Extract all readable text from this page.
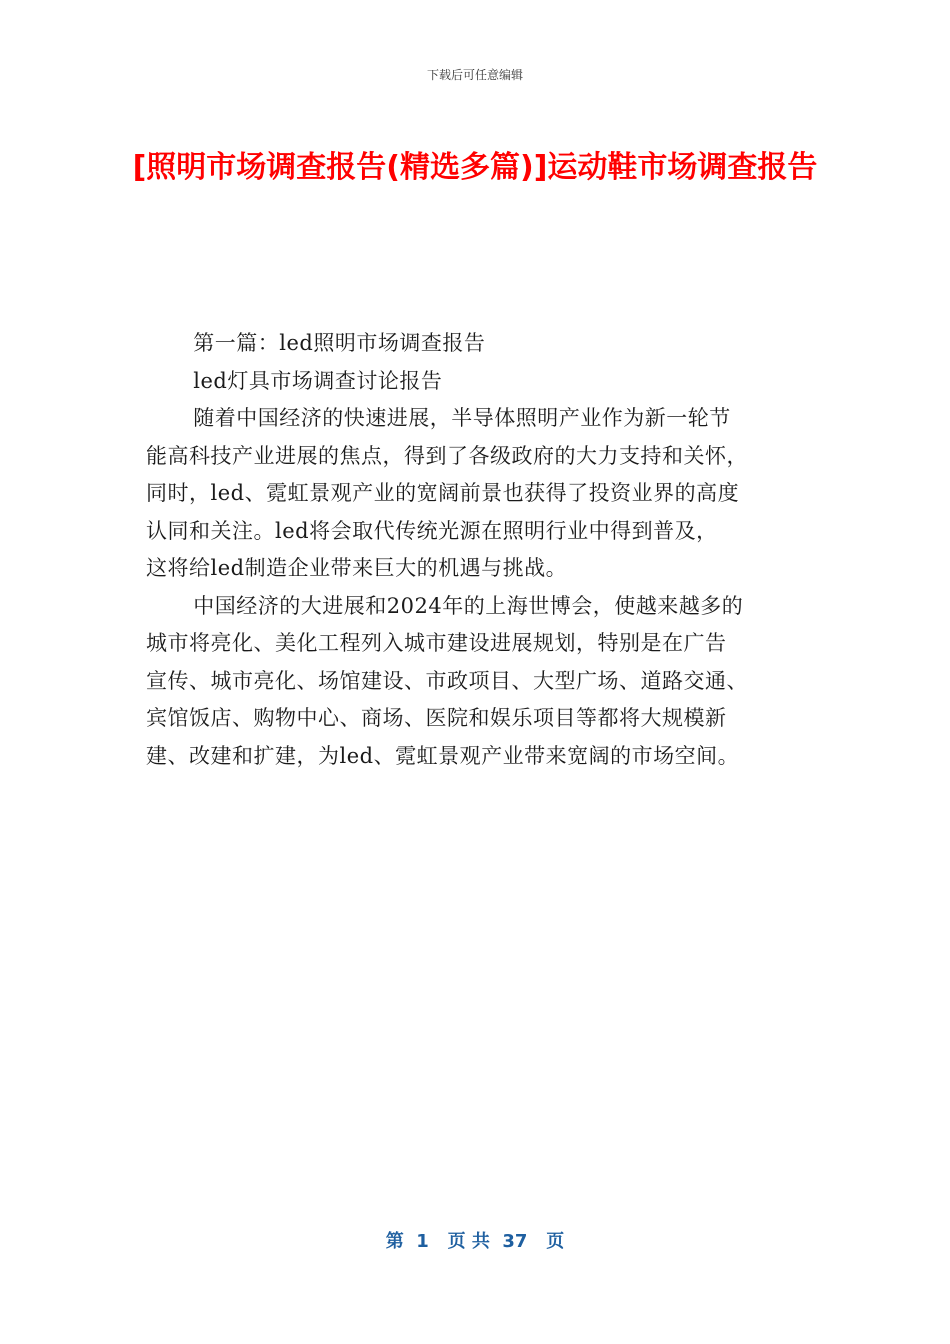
下载后可任意编辑
[照明市场调查报告(精选多篇)]运动鞋市场调查报告

第一篇：led照明市场调查报告

led灯具市场调查讨论报告

随着中国经济的快速进展，半导体照明产业作为新一轮节

能高科技产业进展的焦点，得到了各级政府的大力支持和关怀，

同时，led、霓虹景观产业的宽阔前景也获得了投资业界的高度

认同和关注。led将会取代传统光源在照明行业中得到普及，

这将给led制造企业带来巨大的机遇与挑战。

中国经济的大进展和2024年的上海世博会，使越来越多的

城市将亮化、美化工程列入城市建设进展规划，特别是在广告

宣传、城市亮化、场馆建设、市政项目、大型广场、道路交通、

宾馆饭店、购物中心、商场、医院和娱乐项目等都将大规模新

建、改建和扩建，为led、霓虹景观产业带来宽阔的市场空间。

第  1   页 共  37   页
